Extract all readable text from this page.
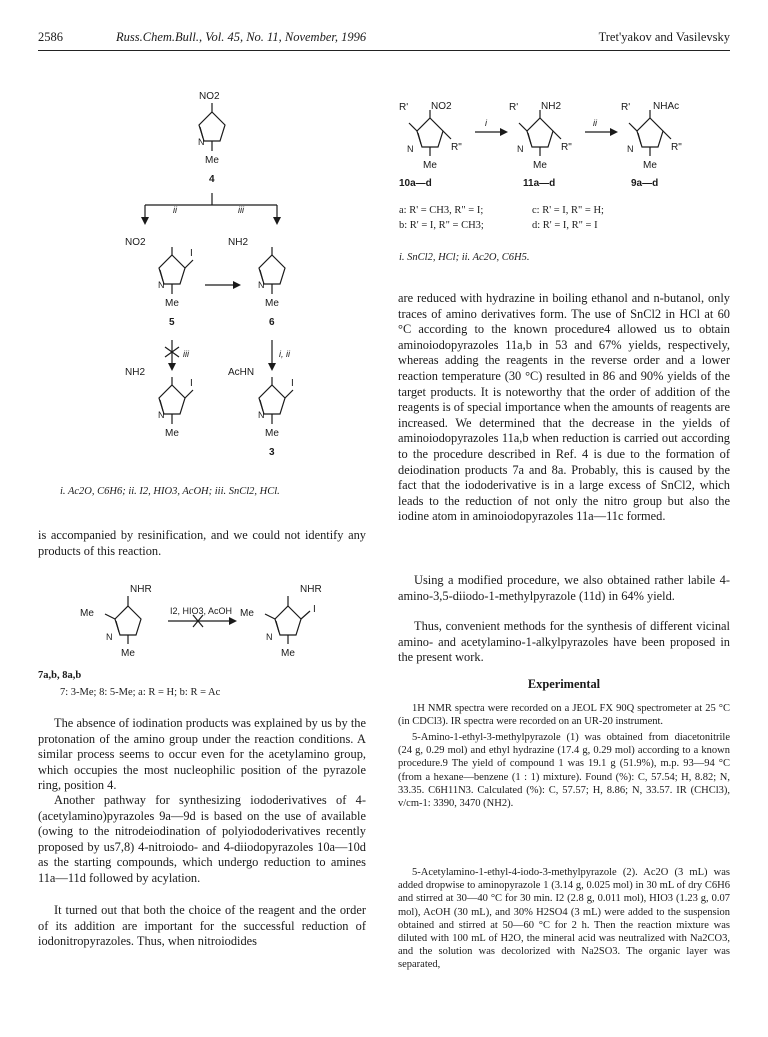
2586	Russ.Chem.Bull., Vol. 45, No. 11, November, 1996	Tret'yakov and Vasilevsky
NO2
N
Me
4
ii	iii
NO2
I
N
Me
5
NH2
N
Me
6
iii	i, ii
NH2
I
N
Me
AcHN
I
N
Me
3
i. Ac2O, C6H6; ii. I2, HIO3, AcOH; iii. SnCl2, HCl.
R' NO2
R"
N
Me
i
R' NH2
R"
N
Me
ii
R' NHAc
R"
N
Me
10a—d	11a—d	9a—d
a: R' = CH3, R" = I;	c: R' = I, R" = H;
b: R' = I, R" = CH3;	d: R' = I, R" = I
i. SnCl2, HCl; ii. Ac2O, C6H5.

is accompanied by resinification, and we could not identify any products of this reaction.

NHR
Me
N
Me
I2, HIO3, AcOH
NHR
Me	I
N
Me
7a,b, 8a,b
7: 3-Me; 8: 5-Me; a: R = H; b: R = Ac

The absence of iodination products was explained by us by the protonation of the amino group under the reaction conditions. A similar process seems to occur even for the acetylamino group, which occupies the most nucleophilic position of the pyrazole ring, position 4.

Another pathway for synthesizing iododerivatives of 4-(acetylamino)pyrazoles 9a—9d is based on the use of available (owing to the nitrodeiodination of polyiododerivatives recently proposed by us7,8) 4-nitroiodo- and 4-diiodopyrazoles 10a—10d as the starting compounds, which undergo reduction to amines 11a—11d followed by acylation.

It turned out that both the choice of the reagent and the order of its addition are important for the successful reduction of iodonitropyrazoles. Thus, when nitroiodides

are reduced with hydrazine in boiling ethanol and n-butanol, only traces of amino derivatives form. The use of SnCl2 in HCl at 60 °C according to the known procedure4 allowed us to obtain aminoiodopyrazoles 11a,b in 53 and 67% yields, respectively, whereas adding the reagents in the reverse order and a lower reaction temperature (30 °C) resulted in 86 and 90% yields of the target products. It is noteworthy that the order of addition of the reagents is of special importance when the amounts of reagents are increased. We determined that the decrease in the yields of aminoiodopyrazoles 11a,b when reduction is carried out according to the procedure described in Ref. 4 is due to the formation of deiodination products 7a and 8a. Probably, this is caused by the fact that the iododerivative is in a large excess of SnCl2, which leads to the reduction of not only the nitro group but also the iodine atom in aminoiodopyrazoles 11a—11c formed.

Using a modified procedure, we also obtained rather labile 4-amino-3,5-diiodo-1-methylpyrazole (11d) in 64% yield.

Thus, convenient methods for the synthesis of different vicinal amino- and acetylamino-1-alkylpyrazoles have been proposed in the present work.

Experimental

1H NMR spectra were recorded on a JEOL FX 90Q spectrometer at 25 °C (in CDCl3). IR spectra were recorded on an UR-20 instrument.

5-Amino-1-ethyl-3-methylpyrazole (1) was obtained from diacetonitrile (24 g, 0.29 mol) and ethyl hydrazine (17.4 g, 0.29 mol) according to a known procedure.9 The yield of compound 1 was 19.1 g (51.9%), m.p. 93—94 °C (from a hexane—benzene (1 : 1) mixture). Found (%): C, 57.54; H, 8.82; N, 33.35. C6H11N3. Calculated (%): C, 57.57; H, 8.86; N, 33.57. IR (CHCl3), v/cm-1: 3390, 3470 (NH2).

5-Acetylamino-1-ethyl-4-iodo-3-methylpyrazole (2). Ac2O (3 mL) was added dropwise to aminopyrazole 1 (3.14 g, 0.025 mol) in 30 mL of dry C6H6 and stirred at 30—40 °C for 30 min. I2 (2.8 g, 0.011 mol), HIO3 (1.23 g, 0.07 mol), AcOH (30 mL), and 30% H2SO4 (3 mL) were added to the suspension obtained and stirred at 50—60 °C for 2 h. Then the reaction mixture was diluted with 100 mL of H2O, the mineral acid was neutralized with Na2CO3, and the solution was decolorized with Na2SO3. The organic layer was separated,
